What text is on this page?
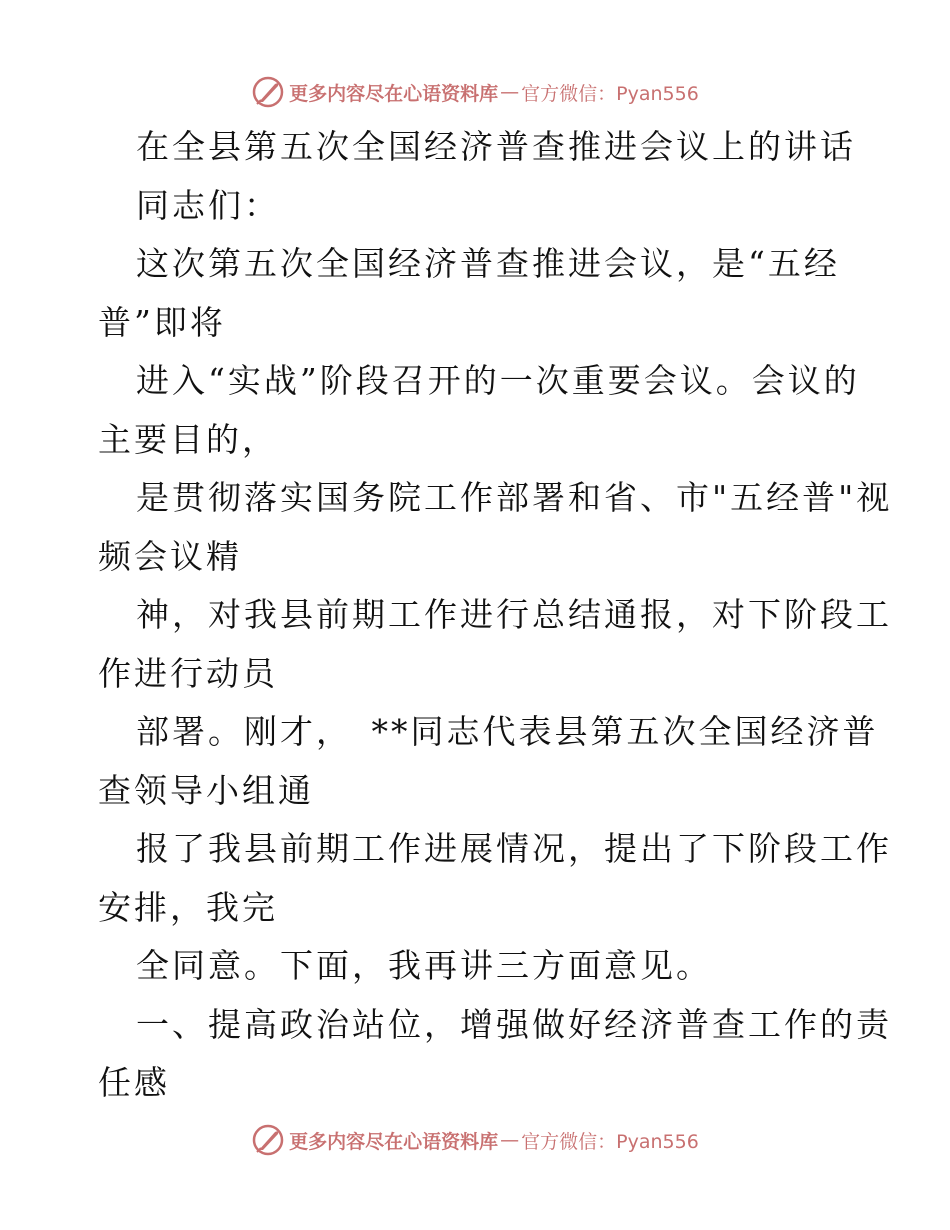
更多内容尽在心语资料库 — 官方微信：Pyan556
在全县第五次全国经济普查推进会议上的讲话
同志们：
这次第五次全国经济普查推进会议，是“五经
普”即将
进入“实战”阶段召开的一次重要会议。会议的
主要目的，
是贯彻落实国务院工作部署和省、市"五经普"视
频会议精
神，对我县前期工作进行总结通报，对下阶段工
作进行动员
部署。刚才，　**同志代表县第五次全国经济普
查领导小组通
报了我县前期工作进展情况，提出了下阶段工作
安排，我完
全同意。下面，我再讲三方面意见。
一、提高政治站位，增强做好经济普查工作的责
任感
更多内容尽在心语资料库 — 官方微信：Pyan556
